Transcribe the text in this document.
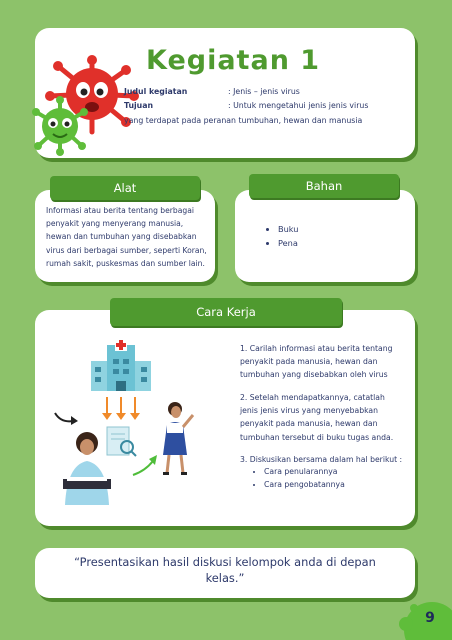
Kegiatan 1
Judul kegiatan	: Jenis – jenis virus
Tujuan	: Untuk mengetahui jenis jenis virus
yang terdapat pada peranan tumbuhan, hewan dan manusia
Alat
Informasi atau berita tentang berbagai penyakit yang menyerang manusia, hewan dan tumbuhan yang disebabkan virus dari berbagai sumber, seperti Koran, rumah sakit, puskesmas dan sumber lain.
Bahan
• Buku
• Pena
Cara Kerja
1. Carilah informasi atau berita tentang penyakit pada manusia, hewan dan tumbuhan yang disebabkan oleh virus
2. Setelah mendapatkannya, catatlah jenis jenis virus yang menyebabkan penyakit pada manusia, hewan dan tumbuhan tersebut di buku tugas anda.
3. Diskusikan bersama dalam hal berikut :
• Cara penularannya
• Cara pengobatannya
“Presentasikan hasil diskusi kelompok anda di depan kelas.”
9
